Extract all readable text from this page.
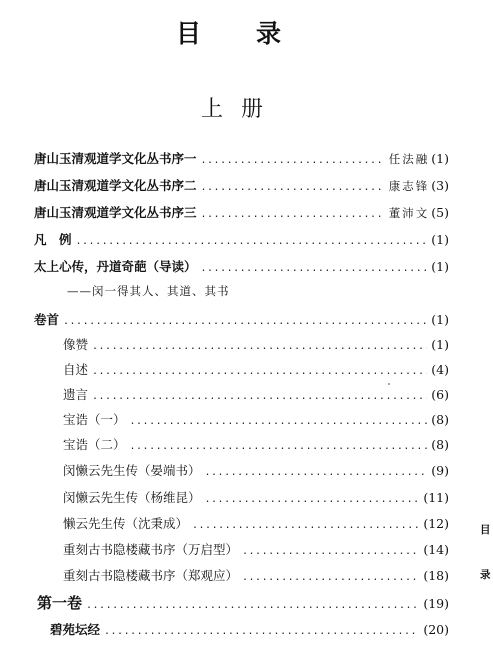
目 录
上 册
唐山玉清观道学文化丛书序一 .....	任法融 (1)
唐山玉清观道学文化丛书序二 .....	康志锋 (3)
唐山玉清观道学文化丛书序三 .....	董沛文 (5)
凡　例 .....	(1)
太上心传，丹道奇葩（导读） .....	(1)
——闵一得其人、其道、其书
卷首 .....	(1)
像赞 .....	(1)
自述 .....	(4)
遗言 .....	(6)
宝诰（一） .....	(8)
宝诰（二） .....	(8)
闵懒云先生传（晏端书） .....	(9)
闵懒云先生传（杨维昆） .....	(11)
懒云先生传（沈秉成） .....	(12)
重刻古书隐楼藏书序（万启型） .....	(14)
重刻古书隐楼藏书序（郑观应） .....	(18)
第一卷 .....	(19)
碧苑坛经 .....	(20)
目
录
